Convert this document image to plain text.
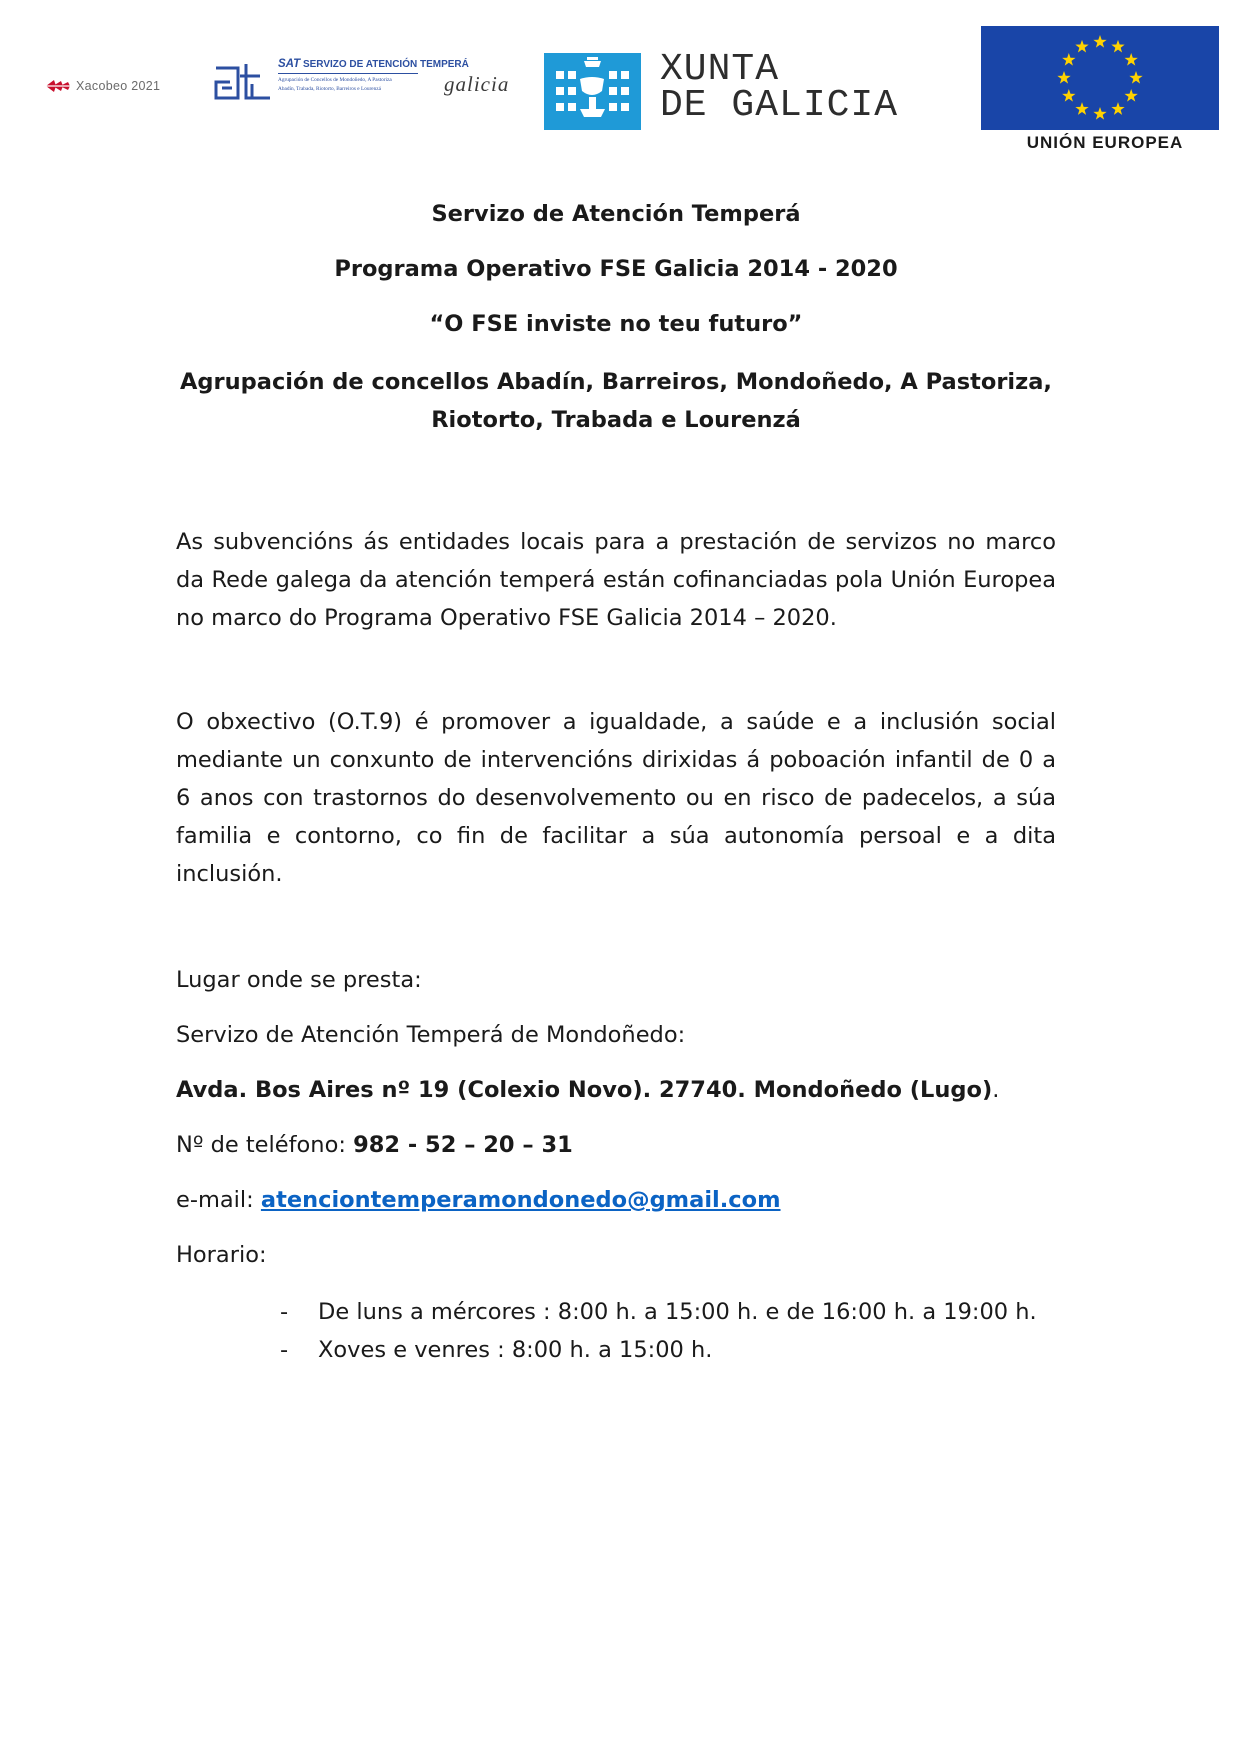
Xacobeo 2021
SAT SERVIZO DE ATENCIÓN TEMPERÁ
Agrupación de Concellos de Mondoñedo, A Pastoriza
Abadín, Trabada, Riotorto, Barreiros e Lourenzá	galicia	XUNTA
DE GALICIA
UNIÓN EUROPEA

Servizo de Atención Temperá

Programa Operativo FSE Galicia 2014 - 2020

“O FSE inviste no teu futuro”

Agrupación de concellos Abadín, Barreiros, Mondoñedo, A Pastoriza,
Riotorto, Trabada e Lourenzá

As subvencións ás entidades locais para a prestación de servizos no marco da Rede galega da atención temperá están cofinanciadas pola Unión Europea no marco do Programa Operativo FSE Galicia 2014 – 2020.

O obxectivo (O.T.9) é promover a igualdade, a saúde e a inclusión social mediante un conxunto de intervencións dirixidas á poboación infantil de 0 a 6 anos con trastornos do desenvolvemento ou en risco de padecelos, a súa familia e contorno, co fin de facilitar a súa autonomía persoal e a dita inclusión.

Lugar onde se presta:

Servizo de Atención Temperá de Mondoñedo:

Avda. Bos Aires nº 19 (Colexio Novo). 27740. Mondoñedo (Lugo).

Nº de teléfono: 982 - 52 – 20 – 31

e-mail: atenciontemperamondonedo@gmail.com

Horario:

- De luns a mércores : 8:00 h. a 15:00 h. e de 16:00 h. a 19:00 h.
- Xoves e venres : 8:00 h. a 15:00 h.
